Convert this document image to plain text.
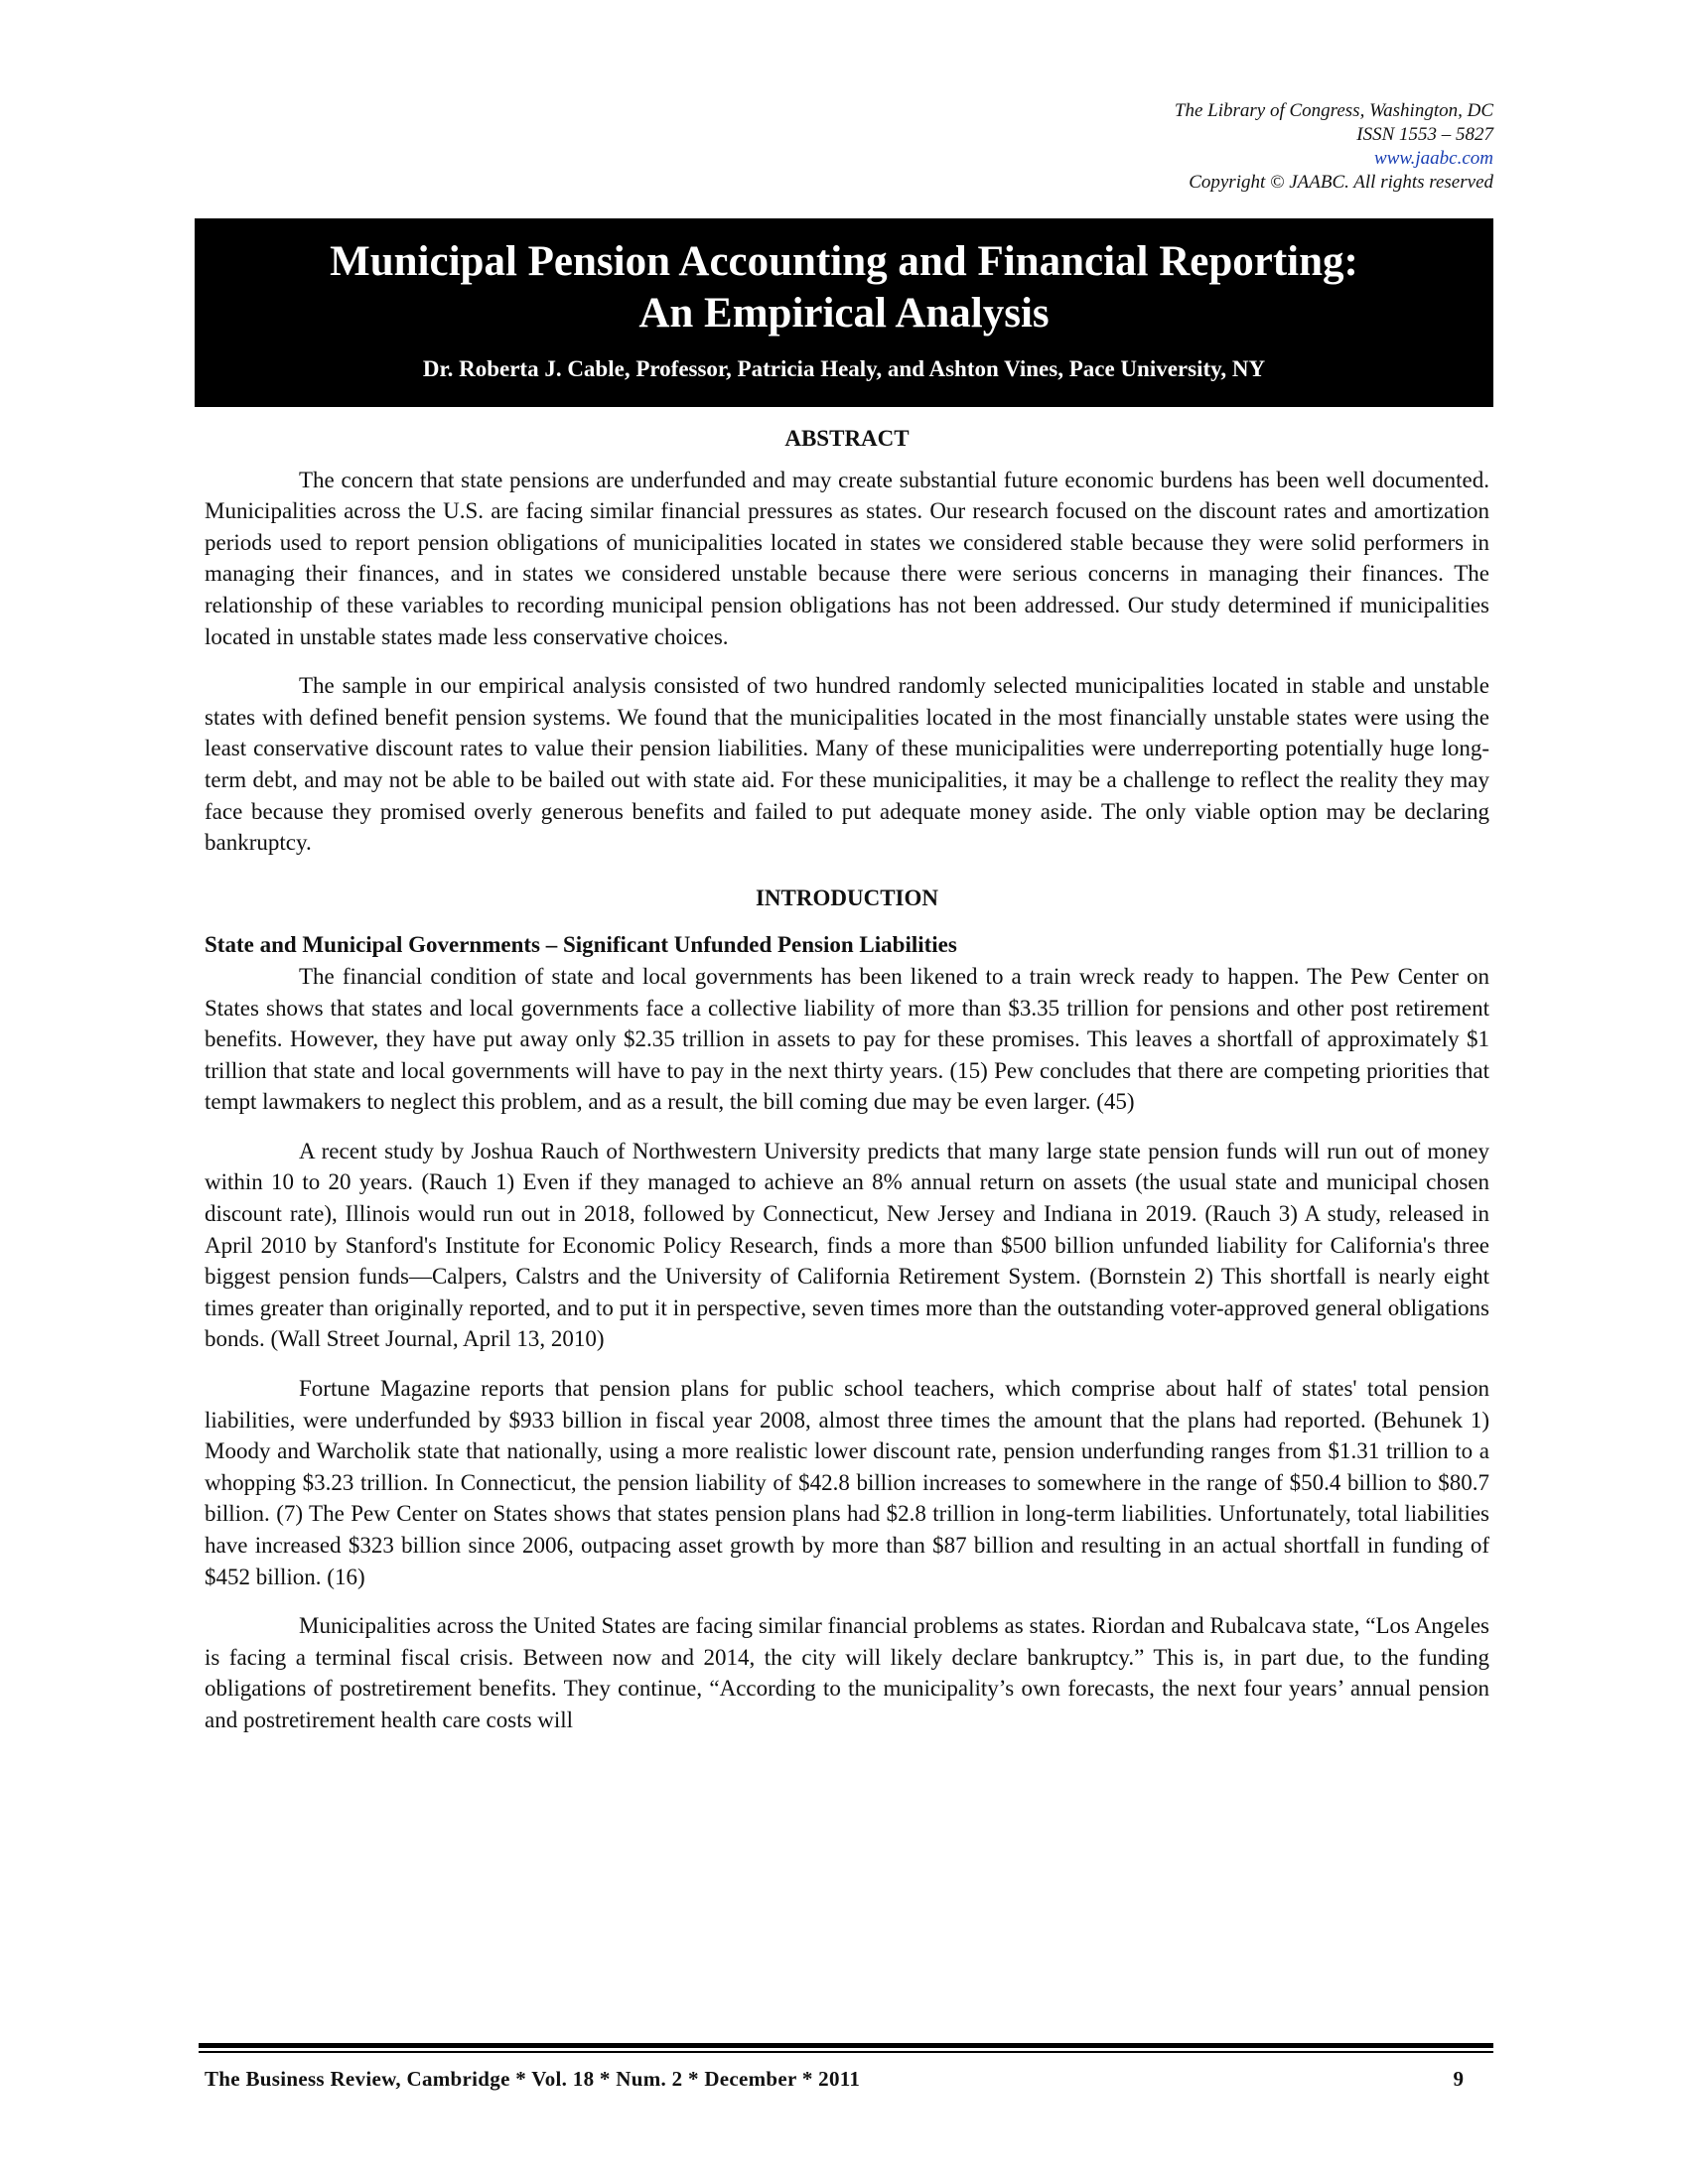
The Library of Congress, Washington, DC
ISSN 1553 – 5827
www.jaabc.com
Copyright © JAABC. All rights reserved
Municipal Pension Accounting and Financial Reporting:
An Empirical Analysis
Dr. Roberta J. Cable, Professor, Patricia Healy, and Ashton Vines, Pace University, NY
ABSTRACT

The concern that state pensions are underfunded and may create substantial future economic burdens has been well documented. Municipalities across the U.S. are facing similar financial pressures as states. Our research focused on the discount rates and amortization periods used to report pension obligations of municipalities located in states we considered stable because they were solid performers in managing their finances, and in states we considered unstable because there were serious concerns in managing their finances. The relationship of these variables to recording municipal pension obligations has not been addressed. Our study determined if municipalities located in unstable states made less conservative choices.

The sample in our empirical analysis consisted of two hundred randomly selected municipalities located in stable and unstable states with defined benefit pension systems. We found that the municipalities located in the most financially unstable states were using the least conservative discount rates to value their pension liabilities. Many of these municipalities were underreporting potentially huge long-term debt, and may not be able to be bailed out with state aid. For these municipalities, it may be a challenge to reflect the reality they may face because they promised overly generous benefits and failed to put adequate money aside. The only viable option may be declaring bankruptcy.

INTRODUCTION
State and Municipal Governments – Significant Unfunded Pension Liabilities

The financial condition of state and local governments has been likened to a train wreck ready to happen. The Pew Center on States shows that states and local governments face a collective liability of more than $3.35 trillion for pensions and other post retirement benefits. However, they have put away only $2.35 trillion in assets to pay for these promises. This leaves a shortfall of approximately $1 trillion that state and local governments will have to pay in the next thirty years. (15) Pew concludes that there are competing priorities that tempt lawmakers to neglect this problem, and as a result, the bill coming due may be even larger. (45)

A recent study by Joshua Rauch of Northwestern University predicts that many large state pension funds will run out of money within 10 to 20 years. (Rauch 1) Even if they managed to achieve an 8% annual return on assets (the usual state and municipal chosen discount rate), Illinois would run out in 2018, followed by Connecticut, New Jersey and Indiana in 2019. (Rauch 3) A study, released in April 2010 by Stanford's Institute for Economic Policy Research, finds a more than $500 billion unfunded liability for California's three biggest pension funds—Calpers, Calstrs and the University of California Retirement System. (Bornstein 2) This shortfall is nearly eight times greater than originally reported, and to put it in perspective, seven times more than the outstanding voter-approved general obligations bonds. (Wall Street Journal, April 13, 2010)

Fortune Magazine reports that pension plans for public school teachers, which comprise about half of states' total pension liabilities, were underfunded by $933 billion in fiscal year 2008, almost three times the amount that the plans had reported. (Behunek 1) Moody and Warcholik state that nationally, using a more realistic lower discount rate, pension underfunding ranges from $1.31 trillion to a whopping $3.23 trillion. In Connecticut, the pension liability of $42.8 billion increases to somewhere in the range of $50.4 billion to $80.7 billion. (7) The Pew Center on States shows that states pension plans had $2.8 trillion in long-term liabilities. Unfortunately, total liabilities have increased $323 billion since 2006, outpacing asset growth by more than $87 billion and resulting in an actual shortfall in funding of $452 billion. (16)

Municipalities across the United States are facing similar financial problems as states. Riordan and Rubalcava state, “Los Angeles is facing a terminal fiscal crisis. Between now and 2014, the city will likely declare bankruptcy.” This is, in part due, to the funding obligations of postretirement benefits. They continue, “According to the municipality’s own forecasts, the next four years’ annual pension and postretirement health care costs will

The Business Review, Cambridge * Vol. 18 * Num. 2 * December * 2011	9
